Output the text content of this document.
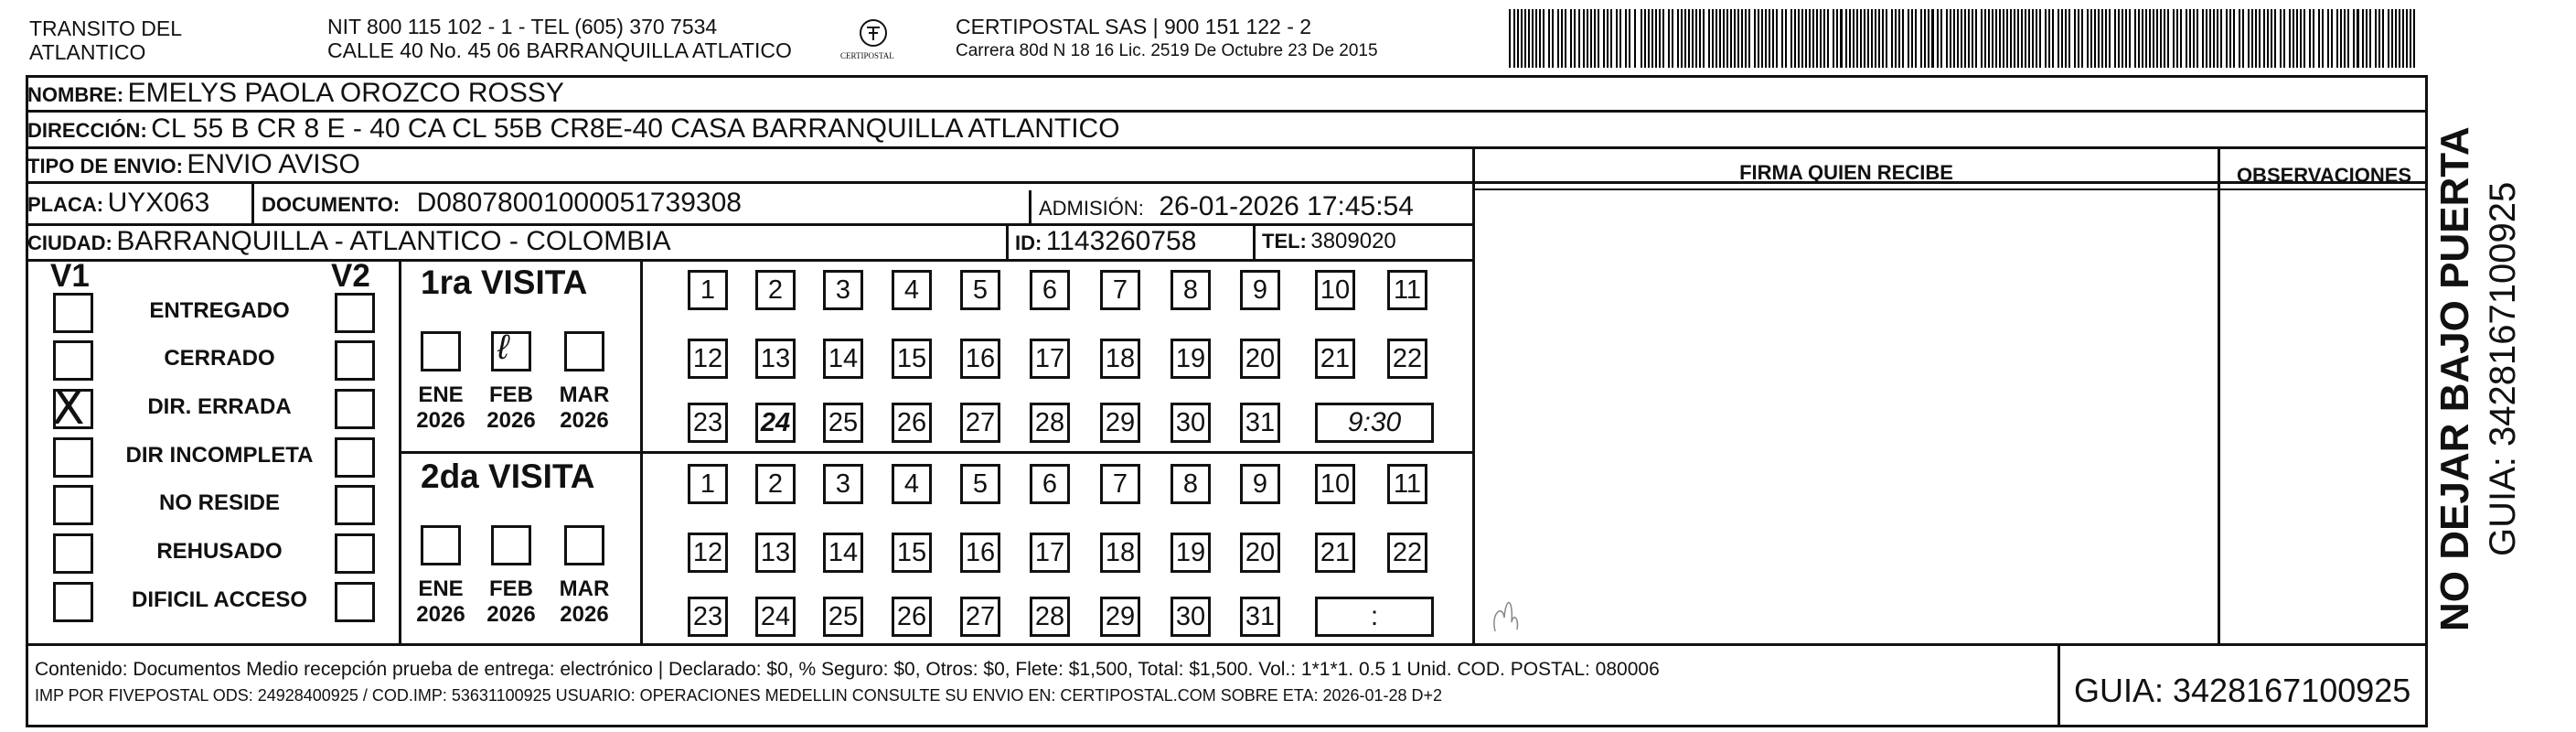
TRANSITO DEL
ATLANTICO
NIT 800 115 102 - 1 - TEL (605) 370 7534
CALLE 40 No. 45 06 BARRANQUILLA ATLATICO	CERTIPOSTAL
CERTIPOSTAL SAS | 900 151 122 - 2
Carrera 80d N 18 16 Lic. 2519 De Octubre 23 De 2015
NOMBRE: EMELYS PAOLA OROZCO ROSSY
DIRECCIÓN: CL 55 B CR 8 E - 40 CA CL 55B CR8E-40 CASA BARRANQUILLA ATLANTICO
TIPO DE ENVIO: ENVIO AVISO
PLACA: UYX063	DOCUMENTO: D080780010000517393​08	ADMISIÓN: 26-01-2026 17:45:54
CIUDAD: BARRANQUILLA - ATLANTICO - COLOMBIA	ID: 1143260758	TEL: 3809020
FIRMA QUIEN RECIBE	OBSERVACIONES
V1	V2
ENTREGADO
CERRADO
X	DIR. ERRADA
DIR INCOMPLETA
NO RESIDE
REHUSADO
DIFICIL ACCESO
1ra VISITA
2da VISITA
ENE
2026
ℓ
FEB
2026
MAR
2026
1	2	3	4	5	6	7	8	9	10 11
12 13 14 15 16 17 18 19 20 21 22
23 24 25 26 27 28 29 30 31	9:30
ENE
2026
FEB
2026
MAR
2026
1	2	3	4	5	6	7	8	9	10 11
12 13 14 15 16 17 18 19 20 21 22
23 24 25 26 27 28 29 30 31	:	NO DEJAR BAJO PUERTA GUIA: 3428167100925
Contenido: Documentos Medio recepción prueba de entrega: electrónico | Declarado: $0, % Seguro: $0, Otros: $0, Flete: $1,500, Total: $1,500. Vol.: 1*1*1. 0.5 1 Unid. COD. POSTAL: 080006
IMP POR FIVEPOSTAL ODS: 24928400925 / COD.IMP: 53631100925 USUARIO: OPERACIONES MEDELLIN CONSULTE SU ENVIO EN: CERTIPOSTAL.COM SOBRE ETA: 2026-01-28 D+2	GUIA: 3428167100925
